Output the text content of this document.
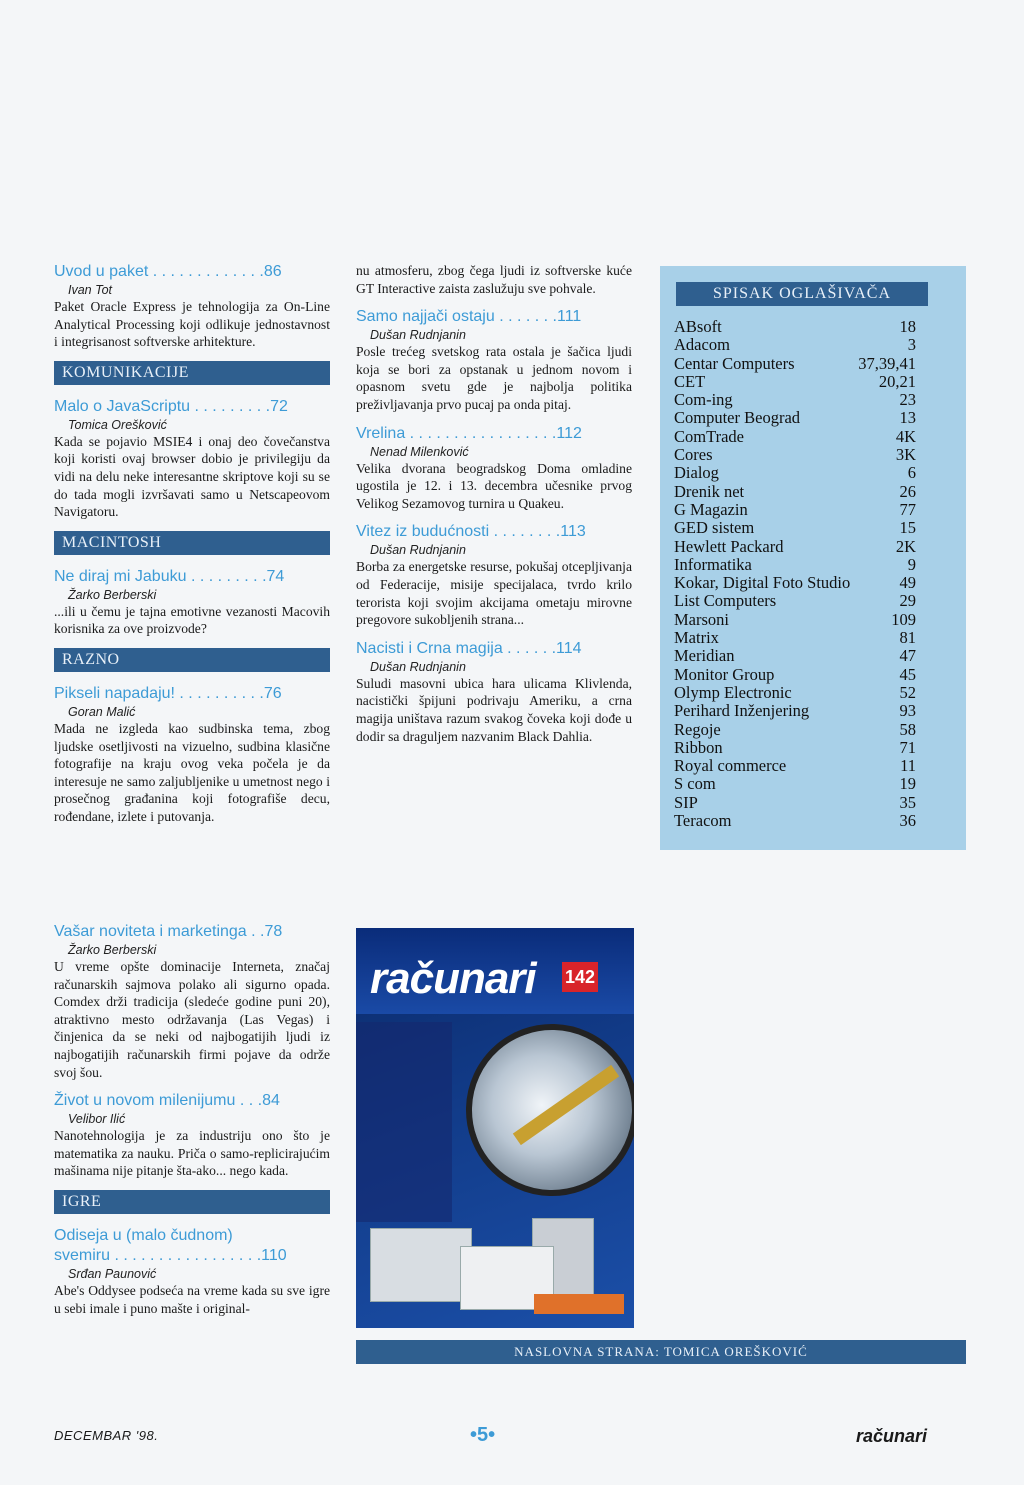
Uvod u paket . . . . . . . . . . . . .86
Ivan Tot

Paket Oracle Express je tehnologija za On-Line Analytical Processing koji odlikuje jednostavnost i integrisanost softverske arhitekture.

KOMUNIKACIJE
Malo o JavaScriptu . . . . . . . . .72
Tomica Orešković

Kada se pojavio MSIE4 i onaj deo čovečanstva koji koristi ovaj browser dobio je privilegiju da vidi na delu neke interesantne skriptove koji su se do tada mogli izvršavati samo u Netscapeovom Navigatoru.

MACINTOSH
Ne diraj mi Jabuku . . . . . . . . .74
Žarko Berberski

...ili u čemu je tajna emotivne vezanosti Macovih korisnika za ove proizvode?

RAZNO
Pikseli napadaju! . . . . . . . . . .76
Goran Malić

Mada ne izgleda kao sudbinska tema, zbog ljudske osetljivosti na vizuelno, sudbina klasične fotografije na kraju ovog veka počela je da interesuje ne samo zaljubljenike u umetnost nego i prosečnog građanina koji fotografiše decu, rođendane, izlete i putovanja.

Vašar noviteta i marketinga . .78
Žarko Berberski

U vreme opšte dominacije Interneta, značaj računarskih sajmova polako ali sigurno opada. Comdex drži tradicija (sledeće godine puni 20), atraktivno mesto održavanja (Las Vegas) i činjenica da se neki od najbogatijih ljudi iz najbogatijih računarskih firmi pojave da održe svoj šou.

Život u novom milenijumu . . .84
Velibor Ilić

Nanotehnologija je za industriju ono što je matematika za nauku. Priča o samo-replicirajućim mašinama nije pitanje šta-ako... nego kada.

IGRE
Odiseja u (malo čudnom)
svemiru . . . . . . . . . . . . . . . . .110
Srđan Paunović

Abe's Oddysee podseća na vreme kada su sve igre u sebi imale i puno mašte i original-

nu atmosferu, zbog čega ljudi iz softverske kuće GT Interactive zaista zaslužuju sve pohvale.

Samo najjači ostaju . . . . . . .111
Dušan Rudnjanin

Posle trećeg svetskog rata ostala je šačica ljudi koja se bori za opstanak u jednom novom i opasnom svetu gde je najbolja politika preživljavanja prvo pucaj pa onda pitaj.

Vrelina . . . . . . . . . . . . . . . . .112
Nenad Milenković

Velika dvorana beogradskog Doma omladine ugostila je 12. i 13. decembra učesnike prvog Velikog Sezamovog turnira u Quakeu.

Vitez iz budućnosti . . . . . . . .113
Dušan Rudnjanin

Borba za energetske resurse, pokušaj otcepljivanja od Federacije, misije specijalaca, tvrdo krilo terorista koji svojim akcijama ometaju mirovne pregovore sukobljenih strana...

Nacisti i Crna magija . . . . . .114
Dušan Rudnjanin

Suludi masovni ubica hara ulicama Klivlenda, nacistički špijuni podrivaju Ameriku, a crna magija uništava razum svakog čoveka koji dođe u dodir sa dragulјem nazvanim Black Dahlia.

SPISAK OGLAŠIVAČA
ABsoft	18
Adacom	3
Centar Computers	37,39,41
CET	20,21
Com-ing	23
Computer Beograd	13
ComTrade	4K
Cores	3K
Dialog	6
Drenik net	26
G Magazin	77
GED sistem	15
Hewlett Packard	2K
Informatika	9
Kokar, Digital Foto Studio	49
List Computers	29
Marsoni	109
Matrix	81
Meridian	47
Monitor Group	45
Olymp Electronic	52
Perihard Inženjering	93
Regoje	58
Ribbon	71
Royal commerce	11
S com	19
SIP	35
Teracom	36
računari 142
NASLOVNA STRANA: TOMICA OREŠKOVIĆ
DECEMBAR '98.	•5•	računari
